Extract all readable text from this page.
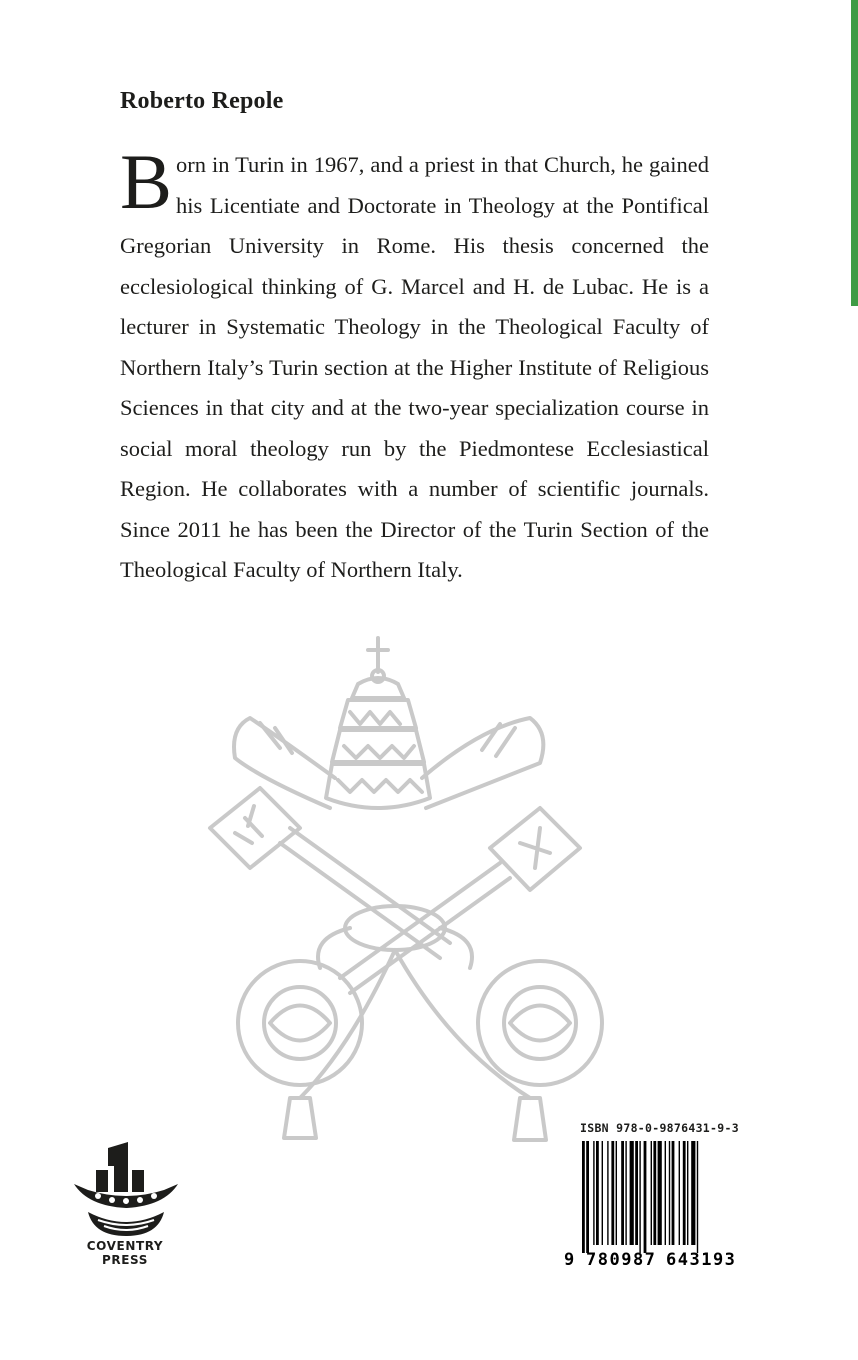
Roberto Repole

Born in Turin in 1967, and a priest in that Church, he gained his Licentiate and Doctorate in Theology at the Pontifical Gregorian University in Rome. His thesis concerned the ecclesiological thinking of G. Marcel and H. de Lubac. He is a lecturer in Systematic Theology in the Theological Faculty of Northern Italy’s Turin section at the Higher Institute of Religious Sciences in that city and at the two-year specialization course in social moral theology run by the Piedmontese Ecclesiastical Region. He collaborates with a number of scientific journals. Since 2011 he has been the Director of the Turin Section of the Theological Faculty of Northern Italy.

COVENTRY
PRESS
ISBN 978-0-9876431-9-3
9 780987 643193
